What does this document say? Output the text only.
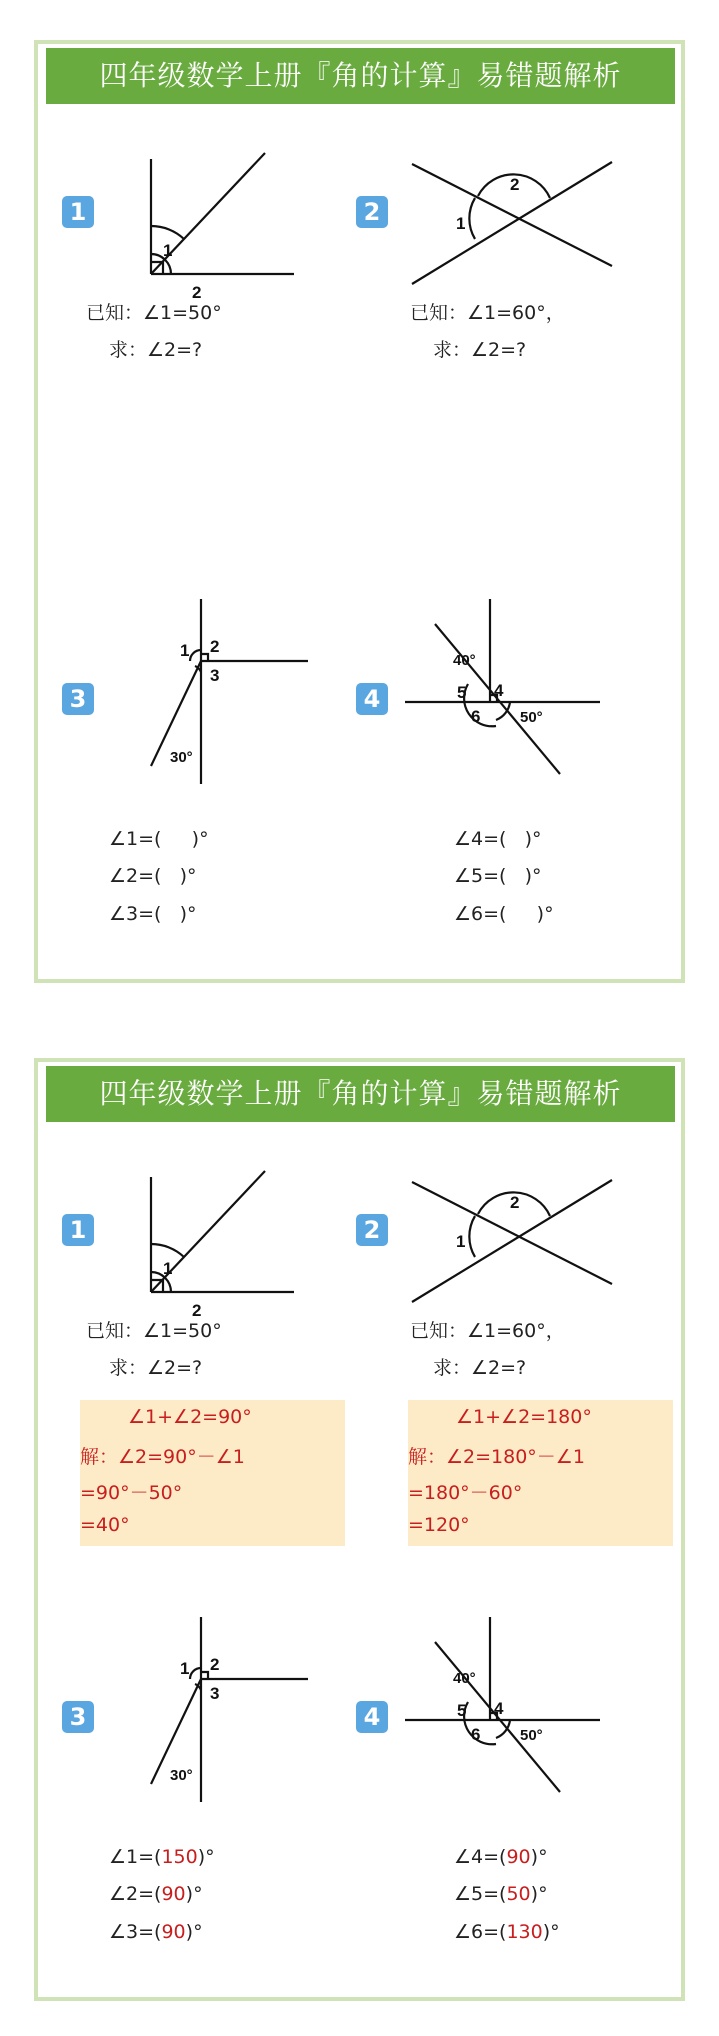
四年级数学上册『角的计算』易错题解析
1
1
2
已知：∠1=50°
求：∠2=?
2
2
1
已知：∠1=60°，
求：∠2=?
3
1 2
3
30°
∠1=( )°
∠2=( )°
∠3=( )°
4
40°
5 4
6	50°
∠4=( )°
∠5=( )°
∠6=( )°
四年级数学上册『角的计算』易错题解析
1
1
2
已知：∠1=50°
求：∠2=?
∠1+∠2=90°
解：∠2=90°－∠1
=90°－50°
=40°
2
2
1
已知：∠1=60°，
求：∠2=?
∠1+∠2=180°
解：∠2=180°－∠1
=180°－60°
=120°
3
1 2
3
30°
∠1=(150)°
∠2=(90)°
∠3=(90)°
4
40°
5 4
6	50°
∠4=(90)°
∠5=(50)°
∠6=(130)°
